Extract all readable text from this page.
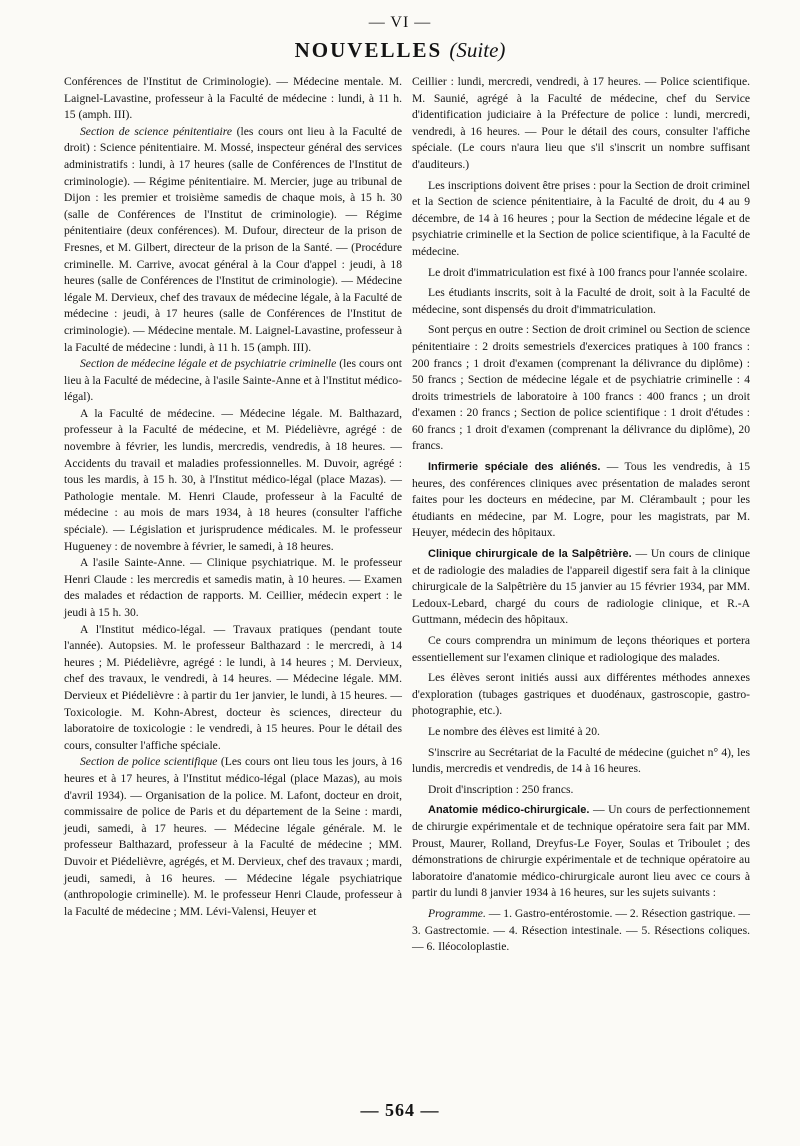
— VI —
NOUVELLES (Suite)

Conférences de l'Institut de Criminologie). — Médecine mentale. M. Laignel-Lavastine, professeur à la Faculté de médecine : lundi, à 11 h. 15 (amph. III).

Section de science pénitentiaire (les cours ont lieu à la Faculté de droit) : Science pénitentiaire. M. Mossé, inspecteur général des services administratifs : lundi, à 17 heures (salle de Conférences de l'Institut de criminologie). — Régime pénitentiaire. M. Mercier, juge au tribunal de Dijon : les premier et troisième samedis de chaque mois, à 15 h. 30 (salle de Conférences de l'Institut de criminologie). — Régime pénitentiaire (deux conférences). M. Dufour, directeur de la prison de Fresnes, et M. Gilbert, directeur de la prison de la Santé. — (Procédure criminelle. M. Carrive, avocat général à la Cour d'appel : jeudi, à 18 heures (salle de Conférences de l'Institut de criminologie). — Médecine légale M. Dervieux, chef des travaux de médecine légale, à la Faculté de médecine : jeudi, à 17 heures (salle de Conférences de l'Institut de criminologie). — Médecine mentale. M. Laignel-Lavastine, professeur à la Faculté de médecine : lundi, à 11 h. 15 (amph. III).

Section de médecine légale et de psychiatrie criminelle (les cours ont lieu à la Faculté de médecine, à l'asile Sainte-Anne et à l'Institut médico-légal).

A la Faculté de médecine. — Médecine légale. M. Balthazard, professeur à la Faculté de médecine, et M. Piédelièvre, agrégé : de novembre à février, les lundis, mercredis, vendredis, à 18 heures. — Accidents du travail et maladies professionnelles. M. Duvoir, agrégé : tous les mardis, à 15 h. 30, à l'Institut médico-légal (place Mazas). — Pathologie mentale. M. Henri Claude, professeur à la Faculté de médecine : au mois de mars 1934, à 18 heures (consulter l'affiche spéciale). — Législation et jurisprudence médicales. M. le professeur Hugueney : de novembre à février, le samedi, à 18 heures.

A l'asile Sainte-Anne. — Clinique psychiatrique. M. le professeur Henri Claude : les mercredis et samedis matin, à 10 heures. — Examen des malades et rédaction de rapports. M. Ceillier, médecin expert : le jeudi à 15 h. 30.

A l'Institut médico-légal. — Travaux pratiques (pendant toute l'année). Autopsies. M. le professeur Balthazard : le mercredi, à 14 heures ; M. Piédelièvre, agrégé : le lundi, à 14 heures ; M. Dervieux, chef des travaux, le vendredi, à 14 heures. — Médecine légale. MM. Dervieux et Piédelièvre : à partir du 1er janvier, le lundi, à 15 heures. — Toxicologie. M. Kohn-Abrest, docteur ès sciences, directeur du laboratoire de toxicologie : le vendredi, à 15 heures. Pour le détail des cours, consulter l'affiche spéciale.

Section de police scientifique (Les cours ont lieu tous les jours, à 16 heures et à 17 heures, à l'Institut médico-légal (place Mazas), au mois d'avril 1934). — Organisation de la police. M. Lafont, docteur en droit, commissaire de police de Paris et du département de la Seine : mardi, jeudi, samedi, à 17 heures. — Médecine légale générale. M. le professeur Balthazard, professeur à la Faculté de médecine ; MM. Duvoir et Piédelièvre, agrégés, et M. Dervieux, chef des travaux ; mardi, jeudi, samedi, à 16 heures. — Médecine légale psychiatrique (anthropologie criminelle). M. le professeur Henri Claude, professeur à la Faculté de médecine ; MM. Lévi-Valensi, Heuyer et

Ceillier : lundi, mercredi, vendredi, à 17 heures. — Police scientifique. M. Saunié, agrégé à la Faculté de médecine, chef du Service d'identification judiciaire à la Préfecture de police : lundi, mercredi, vendredi, à 16 heures. — Pour le détail des cours, consulter l'affiche spéciale. (Le cours n'aura lieu que s'il s'inscrit un nombre suffisant d'auditeurs.)

Les inscriptions doivent être prises : pour la Section de droit criminel et la Section de science pénitentiaire, à la Faculté de droit, du 4 au 9 décembre, de 14 à 16 heures ; pour la Section de médecine légale et de psychiatrie criminelle et la Section de police scientifique, à la Faculté de médecine.

Le droit d'immatriculation est fixé à 100 francs pour l'année scolaire.

Les étudiants inscrits, soit à la Faculté de droit, soit à la Faculté de médecine, sont dispensés du droit d'immatriculation.

Sont perçus en outre : Section de droit criminel ou Section de science pénitentiaire : 2 droits semestriels d'exercices pratiques à 100 francs : 200 francs ; 1 droit d'examen (comprenant la délivrance du diplôme) : 50 francs ; Section de médecine légale et de psychiatrie criminelle : 4 droits trimestriels de laboratoire à 100 francs : 400 francs ; un droit d'examen : 20 francs ; Section de police scientifique : 1 droit d'études : 60 francs ; 1 droit d'examen (comprenant la délivrance du diplôme), 20 francs.

Infirmerie spéciale des aliénés. — Tous les vendredis, à 15 heures, des conférences cliniques avec présentation de malades seront faites pour les docteurs en médecine, par M. Clérambault ; pour les étudiants en médecine, par M. Logre, pour les magistrats, par M. Heuyer, médecin des hôpitaux.

Clinique chirurgicale de la Salpêtrière. — Un cours de clinique et de radiologie des maladies de l'appareil digestif sera fait à la clinique chirurgicale de la Salpêtrière du 15 janvier au 15 février 1934, par MM. Ledoux-Lebard, chargé du cours de radiologie clinique, et R.-A Guttmann, médecin des hôpitaux.

Ce cours comprendra un minimum de leçons théoriques et portera essentiellement sur l'examen clinique et radiologique des malades.

Les élèves seront initiés aussi aux différentes méthodes annexes d'exploration (tubages gastriques et duodénaux, gastroscopie, gastro-photographie, etc.).

Le nombre des élèves est limité à 20.

S'inscrire au Secrétariat de la Faculté de médecine (guichet n° 4), les lundis, mercredis et vendredis, de 14 à 16 heures.

Droit d'inscription : 250 francs.

Anatomie médico-chirurgicale. — Un cours de perfectionnement de chirurgie expérimentale et de technique opératoire sera fait par MM. Proust, Maurer, Rolland, Dreyfus-Le Foyer, Soulas et Triboulet ; des démonstrations de chirurgie expérimentale et de technique opératoire au laboratoire d'anatomie médico-chirurgicale auront lieu avec ce cours à partir du lundi 8 janvier 1934 à 16 heures, sur les sujets suivants :

Programme. — 1. Gastro-entérostomie. — 2. Résection gastrique. — 3. Gastrectomie. — 4. Résection intestinale. — 5. Résections coliques. — 6. Iléocoloplastie.

— 564 —
